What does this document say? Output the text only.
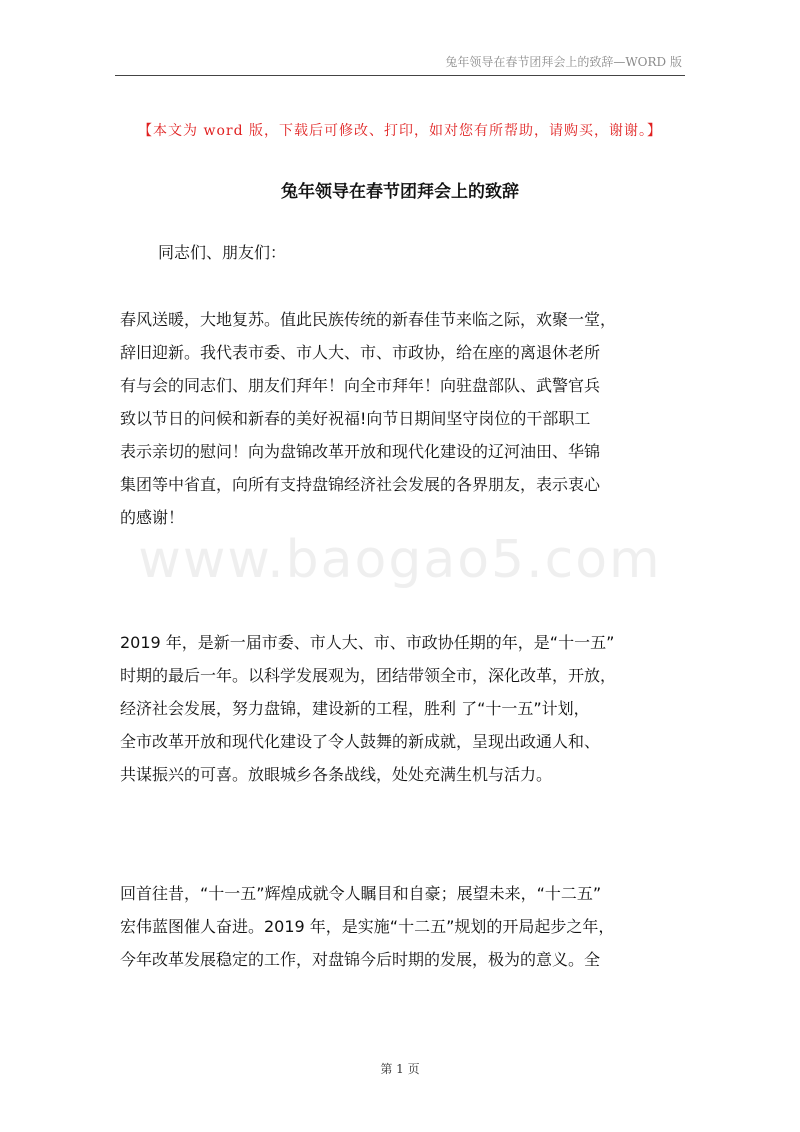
兔年领导在春节团拜会上的致辞—WORD 版
【本文为 word 版，下载后可修改、打印，如对您有所帮助，请购买，谢谢。】
兔年领导在春节团拜会上的致辞
同志们、朋友们：
春风送暖，大地复苏。值此民族传统的新春佳节来临之际，欢聚一堂，
辞旧迎新。我代表市委、市人大、市、市政协，给在座的离退休老所
有与会的同志们、朋友们拜年！向全市拜年！向驻盘部队、武警官兵
致以节日的问候和新春的美好祝福!向节日期间坚守岗位的干部职工
表示亲切的慰问！向为盘锦改革开放和现代化建设的辽河油田、华锦
集团等中省直，向所有支持盘锦经济社会发展的各界朋友，表示衷心
的感谢！
2019 年，是新一届市委、市人大、市、市政协任期的年，是“十一五”
时期的最后一年。以科学发展观为，团结带领全市，深化改革，开放，
经济社会发展，努力盘锦，建设新的工程，胜利 了“十一五”计划，
全市改革开放和现代化建设了令人鼓舞的新成就，呈现出政通人和、
共谋振兴的可喜。放眼城乡各条战线，处处充满生机与活力。
回首往昔，“十一五”辉煌成就令人瞩目和自豪；展望未来，“十二五”
宏伟蓝图催人奋进。2019 年，是实施“十二五”规划的开局起步之年，
今年改革发展稳定的工作，对盘锦今后时期的发展，极为的意义。全
www.baogao5.com
第 1 页
